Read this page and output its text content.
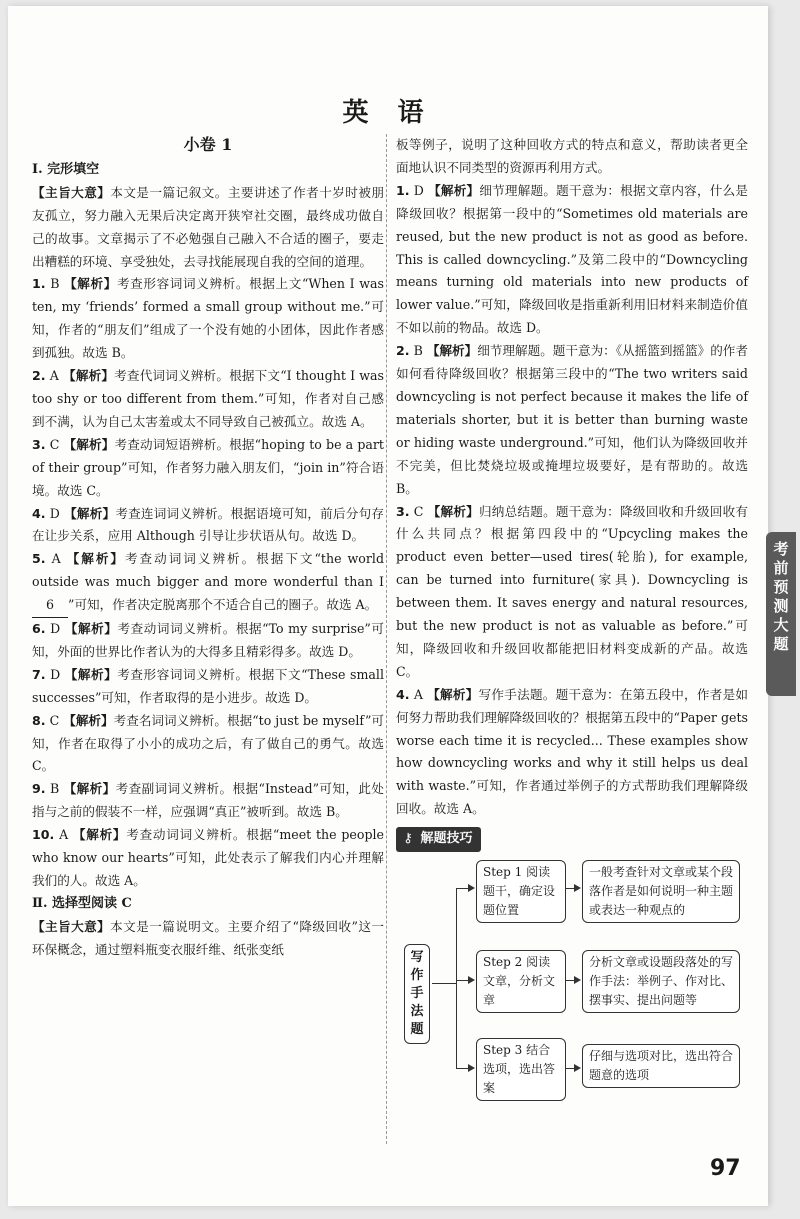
英 语
小卷 1
Ⅰ. 完形填空

【主旨大意】本文是一篇记叙文。主要讲述了作者十岁时被朋友孤立，努力融入无果后决定离开狭窄社交圈，最终成功做自己的故事。文章揭示了不必勉强自己融入不合适的圈子，要走出糟糕的环境、享受独处，去寻找能展现自我的空间的道理。

1. B 【解析】考查形容词词义辨析。根据上文“When I was ten, my ‘friends’ formed a small group without me.”可知，作者的“朋友们”组成了一个没有她的小团体，因此作者感到孤独。故选 B。

2. A 【解析】考查代词词义辨析。根据下文“I thought I was too shy or too different from them.”可知，作者对自己感到不满，认为自己太害羞或太不同导致自己被孤立。故选 A。

3. C 【解析】考查动词短语辨析。根据“hoping to be a part of their group”可知，作者努力融入朋友们，“join in”符合语境。故选 C。

4. D 【解析】考查连词词义辨析。根据语境可知，前后分句存在让步关系，应用 Although 引导让步状语从句。故选 D。

5. A 【解析】考查动词词义辨析。根据下文“the world outside was much bigger and more wonderful than I 6 ”可知，作者决定脱离那个不适合自己的圈子。故选 A。

6. D 【解析】考查动词词义辨析。根据“To my surprise”可知，外面的世界比作者认为的大得多且精彩得多。故选 D。

7. D 【解析】考查形容词词义辨析。根据下文“These small successes”可知，作者取得的是小进步。故选 D。

8. C 【解析】考查名词词义辨析。根据“to just be myself”可知，作者在取得了小小的成功之后，有了做自己的勇气。故选 C。

9. B 【解析】考查副词词义辨析。根据“Instead”可知，此处指与之前的假装不一样，应强调“真正”被听到。故选 B。

10. A 【解析】考查动词词义辨析。根据“meet the people who know our hearts”可知，此处表示了解我们内心并理解我们的人。故选 A。

Ⅱ. 选择型阅读 C

【主旨大意】本文是一篇说明文。主要介绍了“降级回收”这一环保概念，通过塑料瓶变衣服纤维、纸张变纸

板等例子，说明了这种回收方式的特点和意义，帮助读者更全面地认识不同类型的资源再利用方式。

1. D 【解析】细节理解题。题干意为：根据文章内容，什么是降级回收？根据第一段中的“Sometimes old materials are reused, but the new product is not as good as before. This is called downcycling.”及第二段中的“Downcycling means turning old materials into new products of lower value.”可知，降级回收是指重新利用旧材料来制造价值不如以前的物品。故选 D。

2. B 【解析】细节理解题。题干意为：《从摇篮到摇篮》的作者如何看待降级回收？根据第三段中的“The two writers said downcycling is not perfect because it makes the life of materials shorter, but it is better than burning waste or hiding waste underground.”可知，他们认为降级回收并不完美，但比焚烧垃圾或掩埋垃圾要好，是有帮助的。故选 B。

3. C 【解析】归纳总结题。题干意为：降级回收和升级回收有什么共同点？根据第四段中的“Upcycling makes the product even better—used tires(轮胎), for example, can be turned into furniture(家具). Downcycling is between them. It saves energy and natural resources, but the new product is not as valuable as before.”可知，降级回收和升级回收都能把旧材料变成新的产品。故选 C。

4. A 【解析】写作手法题。题干意为：在第五段中，作者是如何努力帮助我们理解降级回收的？根据第五段中的“Paper gets worse each time it is recycled... These examples show how downcycling works and why it still helps us deal with waste.”可知，作者通过举例子的方式帮助我们理解降级回收。故选 A。

⚷ 解题技巧
写
作
手
法
题
Step 1 阅读题干，确定设题位置
Step 2 阅读文章，分析文章
Step 3 结合选项，选出答案
一般考查针对文章或某个段落作者是如何说明一种主题或表达一种观点的
分析文章或设题段落处的写作手法：举例子、作对比、摆事实、提出问题等
仔细与选项对比，选出符合题意的选项
97
考
前
预
测
大
题
